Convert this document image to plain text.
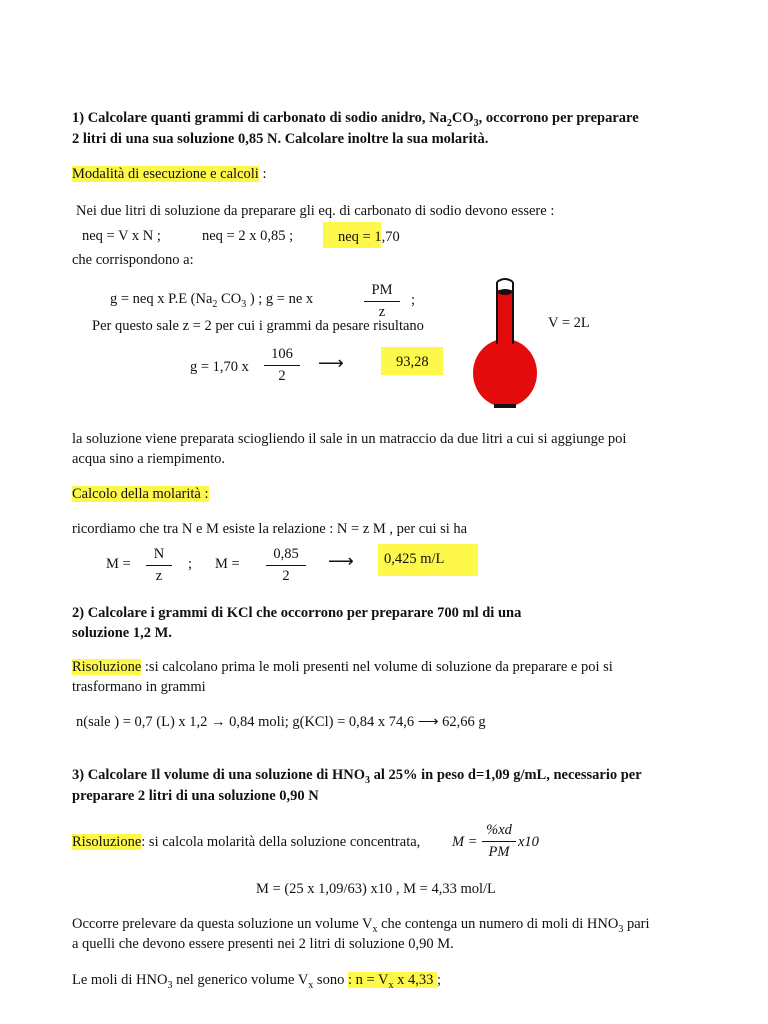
1) Calcolare quanti grammi di carbonato di sodio anidro, $Na_2CO_3$, occorrono per preparare
2 litri di una sua soluzione 0,85 N. Calcolare inoltre la sua molarità.
Modalità di esecuzione e calcoli :
Nei due litri di soluzione da preparare gli eq. di carbonato di sodio devono essere :
neq = V x N ;	neq = 2 x 0,85 ;	neq = 1,70
che corrispondono a:
g = neq x P.E ($Na_2$ $CO_3$ ) ; g = ne x
PM
z
;
Per questo sale z = 2 per cui i grammi da pesare risultano	V = 2L
g = 1,70 x
106
2
⟶	93,28
la soluzione viene preparata sciogliendo il sale in un matraccio da due litri a cui si aggiunge poi
acqua sino a riempimento.
Calcolo della molarità :
ricordiamo che tra N e M esiste la relazione : N = z M , per cui si ha
M =
N
z
; M =
0,85
2
⟶ 0,425 m/L
2) Calcolare i grammi di KCl che occorrono per preparare 700 ml di una
soluzione 1,2 M.
Risoluzione :si calcolano prima le moli presenti nel volume di soluzione da preparare e poi si
trasformano in grammi
n(sale ) = 0,7 (L) x 1,2 → 0,84 moli; g(KCl) = 0,84 x 74,6 ⟶ 62,66 g
3) Calcolare Il volume di una soluzione di $HNO_3$ al 25% in peso d=1,09 g/mL, necessario per
preparare 2 litri di una soluzione 0,90 N
Risoluzione: si calcola molarità della soluzione concentrata, M =
%xd
PM
x10
M = (25 x 1,09/63) x10 , M = 4,33 mol/L
Occorre prelevare da questa soluzione un volume $V_x$ che contenga un numero di moli di $HNO_3$ pari
a quelli che devono essere presenti nei 2 litri di soluzione 0,90 M.
Le moli di $HNO_3$ nel generico volume $V_x$ sono : $n = V_x$ x 4,33 ;
